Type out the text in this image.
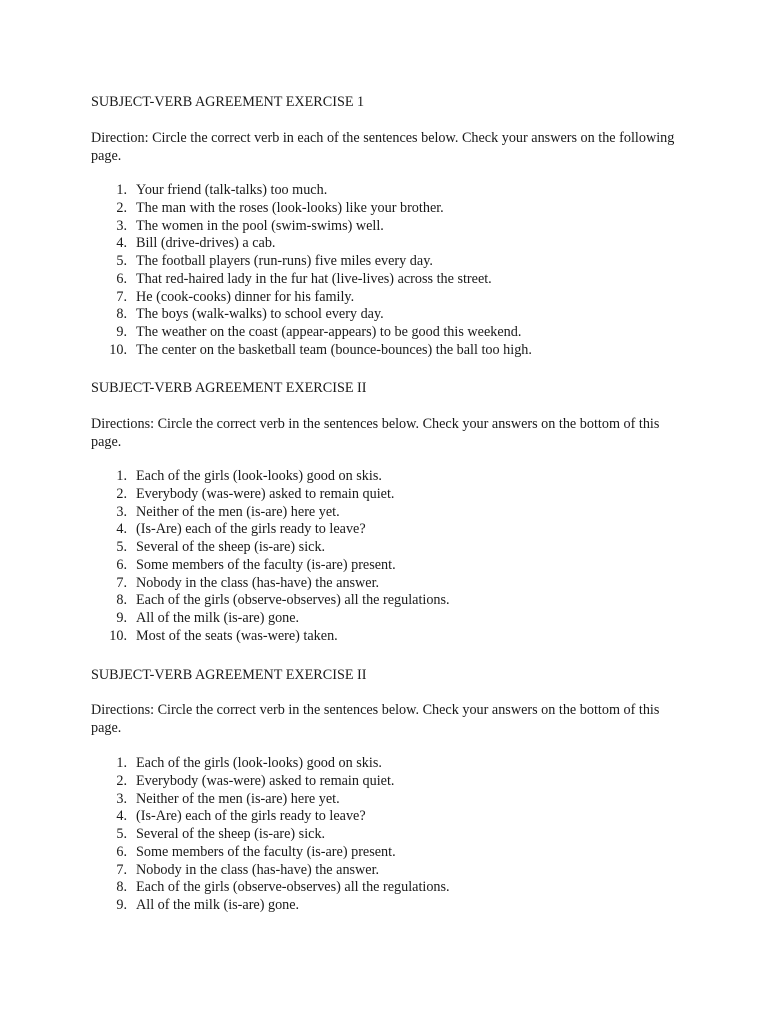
SUBJECT-VERB AGREEMENT EXERCISE 1
Direction: Circle the correct verb in each of the sentences below. Check your answers on the following page.
1. Your friend (talk-talks) too much.
2. The man with the roses (look-looks) like your brother.
3. The women in the pool (swim-swims) well.
4. Bill (drive-drives) a cab.
5. The football players (run-runs) five miles every day.
6. That red-haired lady in the fur hat (live-lives) across the street.
7. He (cook-cooks) dinner for his family.
8. The boys (walk-walks) to school every day.
9. The weather on the coast (appear-appears) to be good this weekend.
10. The center on the basketball team (bounce-bounces) the ball too high.
SUBJECT-VERB AGREEMENT EXERCISE II
Directions: Circle the correct verb in the sentences below. Check your answers on the bottom of this page.
1. Each of the girls (look-looks) good on skis.
2. Everybody (was-were) asked to remain quiet.
3. Neither of the men (is-are) here yet.
4. (Is-Are) each of the girls ready to leave?
5. Several of the sheep (is-are) sick.
6. Some members of the faculty (is-are) present.
7. Nobody in the class (has-have) the answer.
8. Each of the girls (observe-observes) all the regulations.
9. All of the milk (is-are) gone.
10. Most of the seats (was-were) taken.
SUBJECT-VERB AGREEMENT EXERCISE II
Directions: Circle the correct verb in the sentences below. Check your answers on the bottom of this page.
1. Each of the girls (look-looks) good on skis.
2. Everybody (was-were) asked to remain quiet.
3. Neither of the men (is-are) here yet.
4. (Is-Are) each of the girls ready to leave?
5. Several of the sheep (is-are) sick.
6. Some members of the faculty (is-are) present.
7. Nobody in the class (has-have) the answer.
8. Each of the girls (observe-observes) all the regulations.
9. All of the milk (is-are) gone.
